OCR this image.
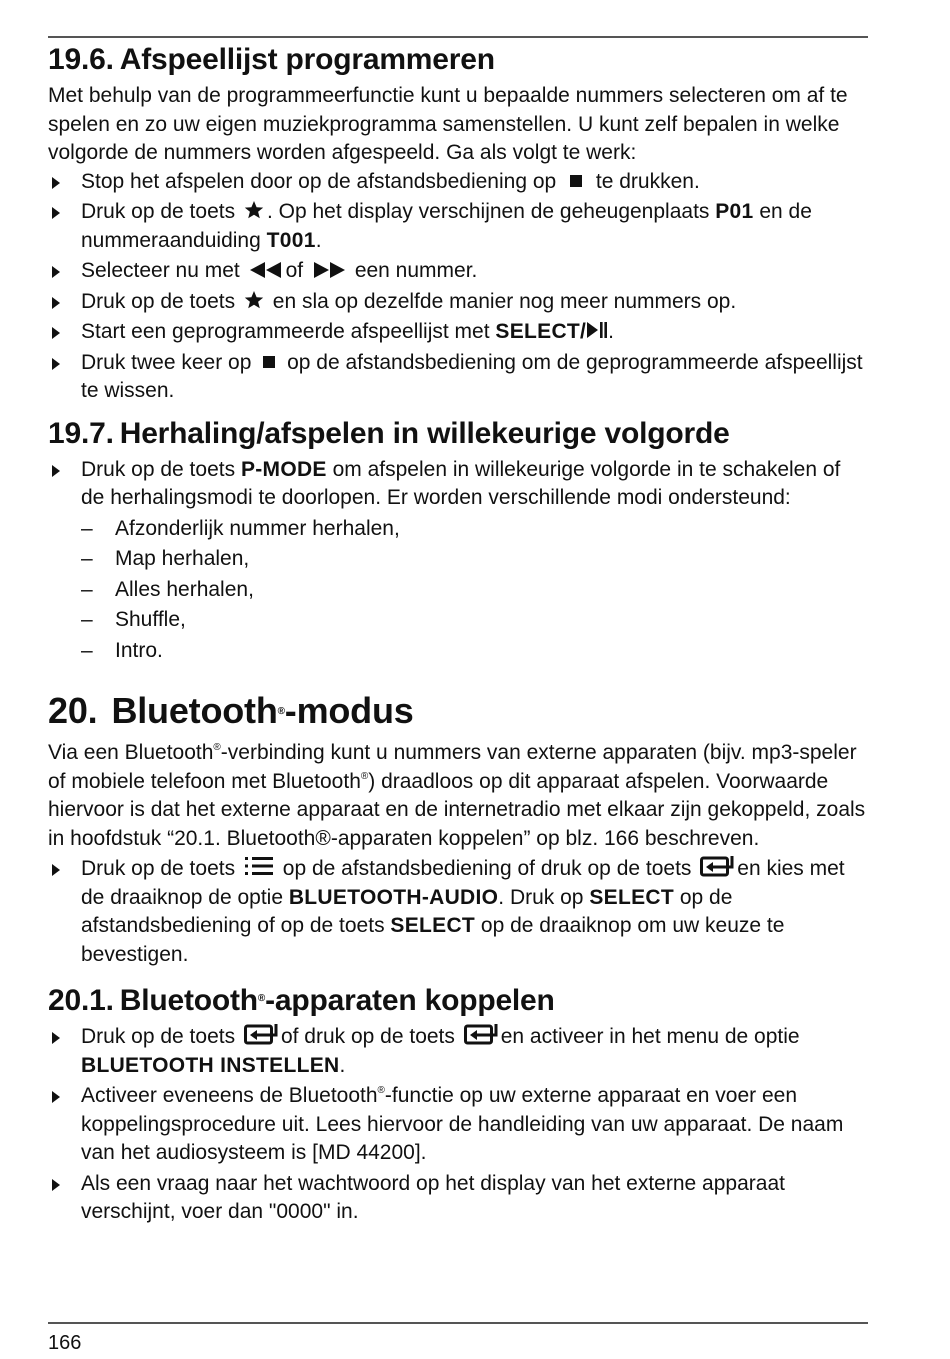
19.6. Afspeellijst programmeren

Met behulp van de programmeerfunctie kunt u bepaalde nummers selecteren om af te spelen en zo uw eigen muziekprogramma samenstellen. U kunt zelf bepalen in welke volgorde de nummers worden afgespeeld. Ga als volgt te werk:

Stop het afspelen door op de afstandsbediening op te drukken.
Druk op de toets . Op het display verschijnen de geheugenplaats P01 en de nummeraanduiding T001.
Selecteer nu met of een nummer.
Druk op de toets en sla op dezelfde manier nog meer nummers op.
Start een geprogrammeerde afspeellijst met SELECT/ .
Druk twee keer op op de afstandsbediening om de geprogrammeerde afspeellijst te wissen.
19.7. Herhaling/afspelen in willekeurige volgorde
Druk op de toets P-MODE om afspelen in willekeurige volgorde in te schakelen of de herhalingsmodi te doorlopen. Er worden verschillende modi ondersteund:
– Afzonderlijk nummer herhalen,
– Map herhalen,
– Alles herhalen,
– Shuffle,
– Intro.
20. Bluetooth®-modus

Via een Bluetooth®-verbinding kunt u nummers van externe apparaten (bijv. mp3-speler of mobiele telefoon met Bluetooth®) draadloos op dit apparaat afspelen. Voorwaarde hiervoor is dat het externe apparaat en de internetradio met elkaar zijn gekoppeld, zoals in hoofdstuk “20.1. Bluetooth®-apparaten koppelen” op blz. 166 beschreven.

Druk op de toets op de afstandsbediening of druk op de toets en kies met de draaiknop de optie BLUETOOTH-AUDIO. Druk op SELECT op de afstandsbediening of op de toets SELECT op de draaiknop om uw keuze te bevestigen.
20.1. Bluetooth®-apparaten koppelen
Druk op de toets of druk op de toets en activeer in het menu de optie BLUETOOTH INSTELLEN.
Activeer eveneens de Bluetooth®-functie op uw externe apparaat en voer een koppelingsprocedure uit. Lees hiervoor de handleiding van uw apparaat. De naam van het audiosysteem is [MD 44200].
Als een vraag naar het wachtwoord op het display van het externe apparaat verschijnt, voer dan "0000" in.
166
